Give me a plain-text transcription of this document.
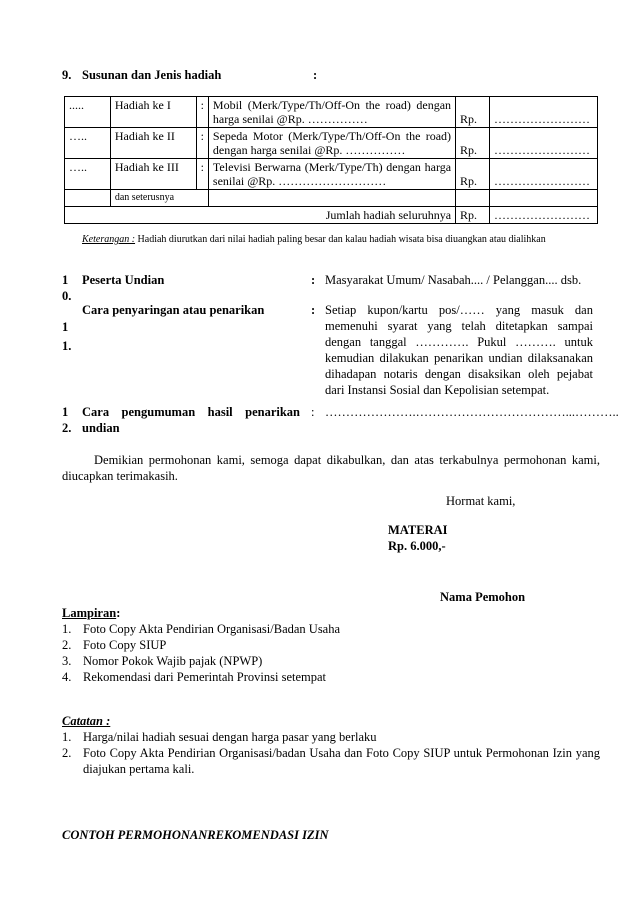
9. Susunan dan Jenis hadiah	:
.....	Hadiah ke I	:	Mobil (Merk/Type/Th/Off-On the road) dengan harga senilai @Rp. ……………	Rp.	……………………
…..	Hadiah ke II	:	Sepeda Motor (Merk/Type/Th/Off-On the road) dengan harga senilai @Rp. ……………	Rp.	……………………
…..	Hadiah ke III	:	Televisi Berwarna (Merk/Type/Th) dengan harga senilai @Rp. ………………………	Rp.	……………………
	dan seterusnya				
Jumlah hadiah seluruhnya				Rp.	……………………
Keterangan : Hadiah diurutkan dari nilai hadiah paling besar dan kalau hadiah wisata bisa diuangkan atau dialihkan
10.
Peserta Undian	: Masyarakat Umum/ Nasabah.... / Pelanggan.... dsb.
11.
Cara penyaringan atau penarikan	: Setiap kupon/kartu pos/…… yang masuk dan memenuhi syarat yang telah ditetapkan sampai dengan tanggal …………. Pukul ………. untuk kemudian dilakukan penarikan undian dilaksanakan dihadapan notaris dengan disaksikan oleh pejabat dari Instansi Sosial dan Kepolisian setempat.
12.
Cara pengumuman hasil penarikan undian
: ………………….………………………………...………..
Demikian permohonan kami, semoga dapat dikabulkan, dan atas terkabulnya permohonan kami, diucapkan terimakasih.
Hormat kami,
MATERAI
Rp. 6.000,-
Nama Pemohon
Lampiran :
1. Foto Copy Akta Pendirian Organisasi/Badan Usaha
2. Foto Copy SIUP
3. Nomor Pokok Wajib pajak (NPWP)
4. Rekomendasi dari Pemerintah Provinsi setempat
Catatan :
1. Harga/nilai hadiah sesuai dengan harga pasar yang berlaku
2. Foto Copy Akta Pendirian Organisasi/badan Usaha dan Foto Copy SIUP untuk Permohonan Izin yang diajukan pertama kali.
CONTOH PERMOHONANREKOMENDASI IZIN
